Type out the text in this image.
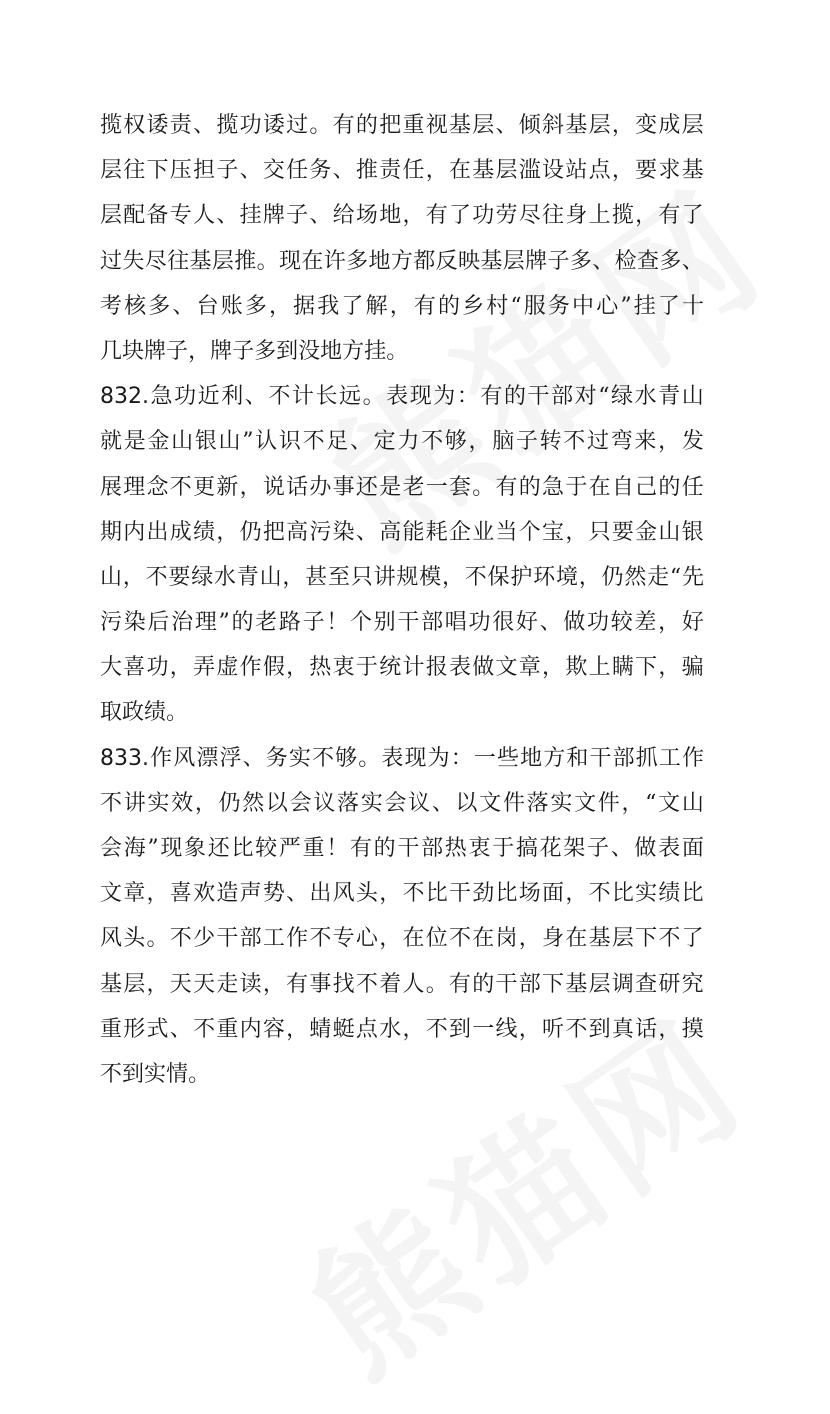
揽 权 诿 责 、 揽 功 诿 过 。 有 的 把 重 视 基 层 、 倾 斜 基 层 ， 变 成 层
层 往 下 压 担 子 、 交 任 务 、 推 责 任 ， 在 基 层 滥 设 站 点 ， 要 求 基
层 配 备 专 人 、 挂 牌 子 、 给 场 地 ， 有 了 功 劳 尽 往 身 上 揽 ， 有 了
过 失 尽 往 基 层 推 。 现 在 许 多 地 方 都 反 映 基 层 牌 子 多 、 检 查 多 、
考 核 多 、 台 账 多 ， 据 我 了 解 ， 有 的 乡 村 “ 服 务 中 心 ” 挂 了 十
几 块 牌 子 ， 牌 子 多 到 没 地 方 挂 。
832. 急 功 近 利 、 不 计 长 远 。 表 现 为 ： 有 的 干 部 对 “ 绿 水 青 山
就 是 金 山 银 山 ” 认 识 不 足 、 定 力 不 够 ， 脑 子 转 不 过 弯 来 ， 发
展 理 念 不 更 新 ， 说 话 办 事 还 是 老 一 套 。 有 的 急 于 在 自 己 的 任
期 内 出 成 绩 ， 仍 把 高 污 染 、 高 能 耗 企 业 当 个 宝 ， 只 要 金 山 银
山 ， 不 要 绿 水 青 山 ， 甚 至 只 讲 规 模 ， 不 保 护 环 境 ， 仍 然 走 “ 先
污 染 后 治 理 ” 的 老 路 子 ！ 个 别 干 部 唱 功 很 好 、 做 功 较 差 ， 好
大 喜 功 ， 弄 虚 作 假 ， 热 衷 于 统 计 报 表 做 文 章 ， 欺 上 瞒 下 ， 骗
取 政 绩 。
833. 作 风 漂 浮 、 务 实 不 够 。 表 现 为 ： 一 些 地 方 和 干 部 抓 工 作
不 讲 实 效 ， 仍 然 以 会 议 落 实 会 议 、 以 文 件 落 实 文 件 ， “ 文 山
会 海 ” 现 象 还 比 较 严 重 ！ 有 的 干 部 热 衷 于 搞 花 架 子 、 做 表 面
文 章 ， 喜 欢 造 声 势 、 出 风 头 ， 不 比 干 劲 比 场 面 ， 不 比 实 绩 比
风 头 。 不 少 干 部 工 作 不 专 心 ， 在 位 不 在 岗 ， 身 在 基 层 下 不 了
基 层 ， 天 天 走 读 ， 有 事 找 不 着 人 。 有 的 干 部 下 基 层 调 查 研 究
重 形 式 、 不 重 内 容 ， 蜻 蜓 点 水 ， 不 到 一 线 ， 听 不 到 真 话 ， 摸
不 到 实 情 。
